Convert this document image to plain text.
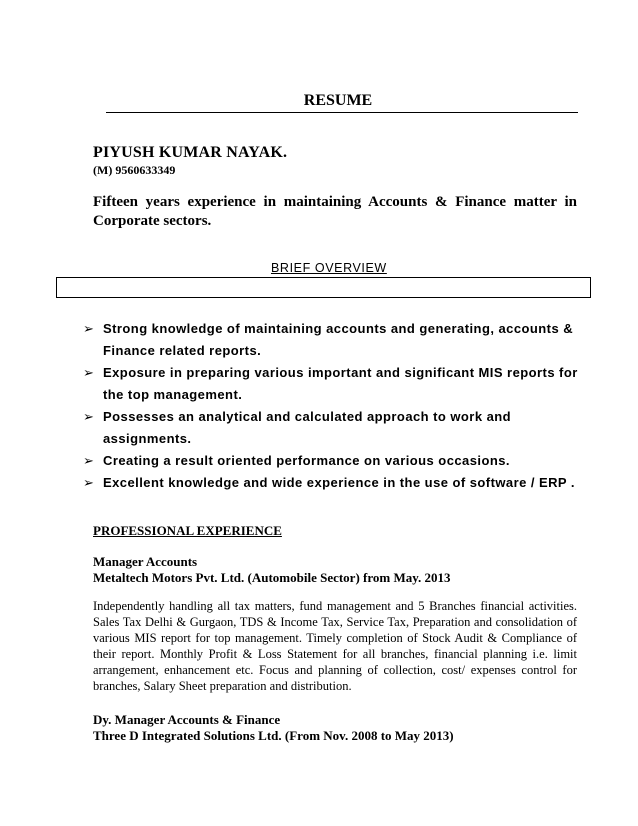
RESUME
PIYUSH KUMAR NAYAK.
(M) 9560633349
Fifteen years experience in maintaining Accounts & Finance matter in Corporate sectors.
BRIEF OVERVIEW
➢ Strong knowledge of maintaining accounts and generating, accounts & Finance related reports.
➢ Exposure in preparing various important and significant MIS reports for the top management.
➢ Possesses an analytical and calculated approach to work and assignments.
➢ Creating a result oriented performance on various occasions.
➢ Excellent knowledge and wide experience in the use of software / ERP .
PROFESSIONAL EXPERIENCE
Manager Accounts
Metaltech Motors Pvt. Ltd. (Automobile Sector) from May. 2013
Independently handling all tax matters, fund management and 5 Branches financial activities. Sales Tax Delhi & Gurgaon, TDS & Income Tax, Service Tax, Preparation and consolidation of various MIS report for top management. Timely completion of Stock Audit & Compliance of their report. Monthly Profit & Loss Statement for all branches, financial planning i.e. limit arrangement, enhancement etc. Focus and planning of collection, cost/ expenses control for branches, Salary Sheet preparation and distribution.
Dy. Manager Accounts & Finance
Three D Integrated Solutions Ltd. (From Nov. 2008 to May 2013)
